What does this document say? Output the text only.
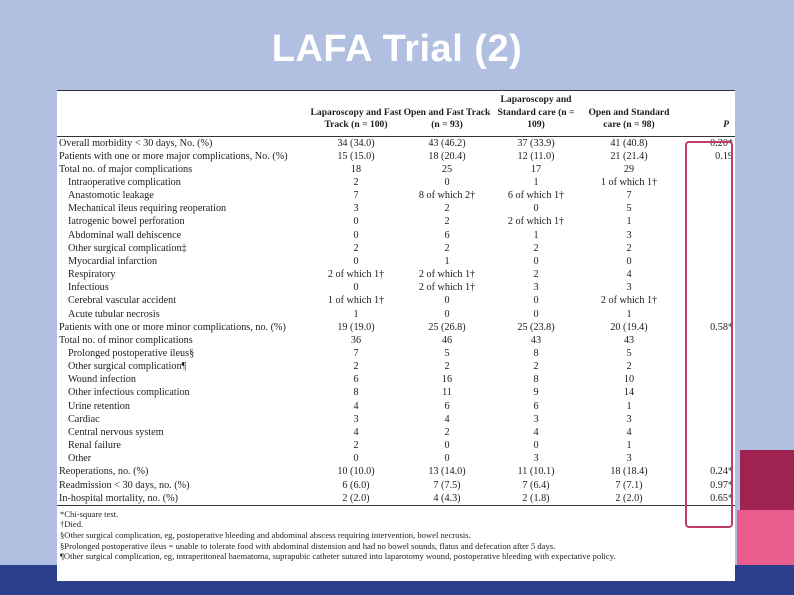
LAFA Trial (2)
	Laparoscopy and Fast Track (n = 100)	Open and Fast Track (n = 93)	Laparoscopy and Standard care (n = 109)	Open and Standard care (n = 98)	P
Overall morbidity < 30 days, No. (%)	34 (34.0)	43 (46.2)	37 (33.9)	41 (40.8)	0.20*
Patients with one or more major complications, No. (%)	15 (15.0)	18 (20.4)	12 (11.0)	21 (21.4)	0.19
Total no. of major complications	18	25	17	29	
Intraoperative complication	2	0	1	1 of which 1†	
Anastomotic leakage	7	8 of which 2†	6 of which 1†	7	
Mechanical ileus requiring reoperation	3	2	0	5	
Iatrogenic bowel perforation	0	2	2 of which 1†	1	
Abdominal wall dehiscence	0	6	1	3	
Other surgical complication‡	2	2	2	2	
Myocardial infarction	0	1	0	0	
Respiratory	2 of which 1†	2 of which 1†	2	4	
Infectious	0	2 of which 1†	3	3	
Cerebral vascular accident	1 of which 1†	0	0	2 of which 1†	
Acute tubular necrosis	1	0	0	1	
Patients with one or more minor complications, no. (%)	19 (19.0)	25 (26.8)	25 (23.8)	20 (19.4)	0.58*
Total no. of minor complications	36	46	43	43	
Prolonged postoperative ileus§	7	5	8	5	
Other surgical complication¶	2	2	2	2	
Wound infection	6	16	8	10	
Other infectious complication	8	11	9	14	
Urine retention	4	6	6	1	
Cardiac	3	4	3	3	
Central nervous system	4	2	4	4	
Renal failure	2	0	0	1	
Other	0	0	3	3	
Reoperations, no. (%)	10 (10.0)	13 (14.0)	11 (10.1)	18 (18.4)	0.24*
Readmission < 30 days, no. (%)	6 (6.0)	7 (7.5)	7 (6.4)	7 (7.1)	0.97*
In-hospital mortality, no. (%)	2 (2.0)	4 (4.3)	2 (1.8)	2 (2.0)	0.65*
*Chi-square test.
†Died.
§Other surgical complication, eg, postoperative bleeding and abdominal abscess requiring intervention, bowel necrosis.
§Prolonged postoperative ileus = unable to tolerate food with abdominal distension and had no bowel sounds, flatus and defecation after 5 days.
¶Other surgical complication, eg, intraperitoneal haematoma, suprapubic catheter sutured into laparotomy wound, postoperative bleeding with expectative policy.
